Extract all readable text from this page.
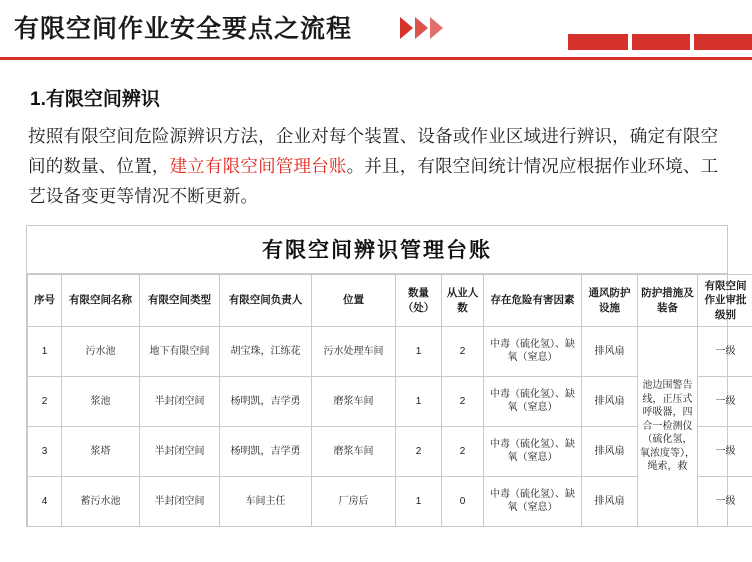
有限空间作业安全要点之流程
1.有限空间辨识

按照有限空间危险源辨识方法，企业对每个装置、设备或作业区域进行辨识，确定有限空间的数量、位置，建立有限空间管理台账。并且，有限空间统计情况应根据作业环境、工艺设备变更等情况不断更新。

有限空间辨识管理台账
序号	有限空间名称	有限空间类型	有限空间负责人	位置	数量（处）	从业人数	存在危险有害因素	通风防护设施	防护措施及装备	有限空间作业审批级别
1	污水池	地下有限空间	胡宝珠，江练花	污水处理车间	1	2	中毒（硫化氢）、缺氧（窒息）	排风扇	池边围警告线，正压式呼吸器，四合一检测仪（硫化氢，氧浓度等），绳索，救	一级
2	浆池	半封闭空间	杨明凯，吉学勇	磨浆车间	1	2	中毒（硫化氢）、缺氧（窒息）	排风扇		一级
3	浆塔	半封闭空间	杨明凯，吉学勇	磨浆车间	2	2	中毒（硫化氢）、缺氧（窒息）	排风扇		一级
4	蓄污水池	半封闭空间	车间主任	厂房后	1	0	中毒（硫化氢）、缺氧（窒息）	排风扇		一级
